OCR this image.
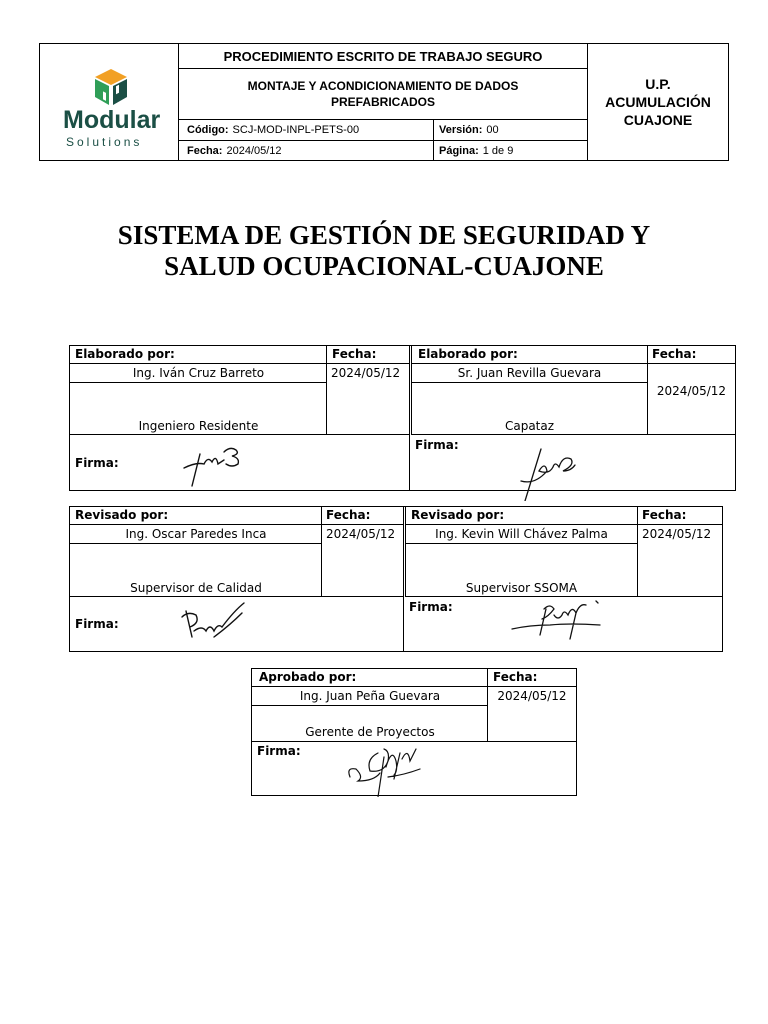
Modular
Solutions
PROCEDIMIENTO ESCRITO DE TRABAJO SEGURO
MONTAJE Y ACONDICIONAMIENTO DE DADOS PREFABRICADOS
Código: SCJ-MOD-INPL-PETS-00	Versión: 00
Fecha: 2024/05/12	Página: 1 de 9
U.P.
ACUMULACIÓN
CUAJONE
SISTEMA DE GESTIÓN DE SEGURIDAD Y
SALUD OCUPACIONAL-CUAJONE
Elaborado por:	Fecha:
Ing. Iván Cruz Barreto
Ingeniero Residente
2024/05/12
Firma:
Elaborado por:	Fecha:
Sr. Juan Revilla Guevara
Capataz
2024/05/12
Firma:
Revisado por:	Fecha:
Ing. Oscar Paredes Inca
Supervisor de Calidad
2024/05/12
Firma:
Revisado por:	Fecha:
Ing. Kevin Will Chávez Palma
Supervisor SSOMA
2024/05/12
Firma:
Aprobado por:	Fecha:
Ing. Juan Peña Guevara
Gerente de Proyectos
2024/05/12
Firma:
